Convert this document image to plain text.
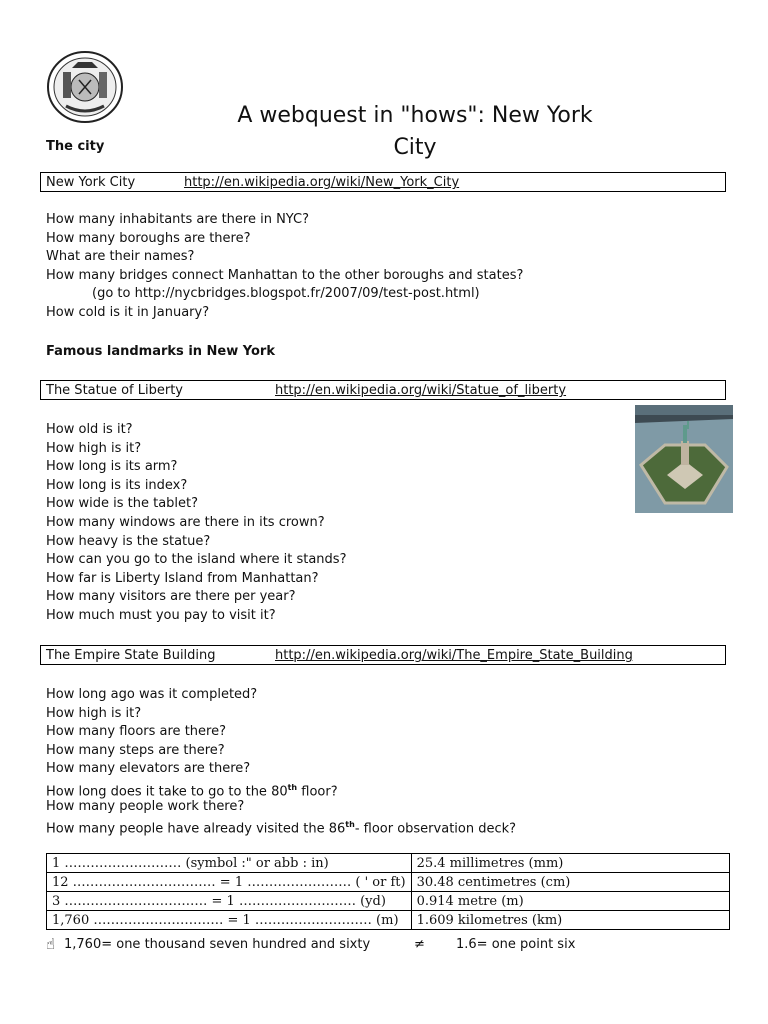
A webquest in "hows": New York City
The city
New York City	http://en.wikipedia.org/wiki/New_York_City
How many inhabitants are there in NYC?
How many boroughs are there?
What are their names?
How many bridges connect Manhattan to the other boroughs and states?
(go to http://nycbridges.blogspot.fr/2007/09/test-post.html)
How cold is it in January?
Famous landmarks in New York
The Statue of Liberty	http://en.wikipedia.org/wiki/Statue_of_liberty
How old is it?
How high is it?
How long is its arm?
How long is its index?
How wide is the tablet?
How many windows are there in its crown?
How heavy is the statue?
How can you go to the island where it stands?
How far is Liberty Island from Manhattan?
How many visitors are there per year?
How much must you pay to visit it?
The Empire State Building	http://en.wikipedia.org/wiki/The_Empire_State_Building
How long ago was it completed?
How high is it?
How many floors are there?
How many steps are there?
How many elevators are there?
How long does it take to go to the 80th floor?
How many people work there?
How many people have already visited the 86th- floor observation deck?
1 ……………………… (symbol :" or abb : in)	25.4 millimetres (mm)
12 …………………………… = 1 …………………… ( ' or ft)	30.48 centimetres (cm)
3 …………………………… = 1 ……………………… (yd)	0.914 metre (m)
1,760 ………………………… = 1 ……………………… (m)	1.609 kilometres (km)
☝ 1,760= one thousand seven hundred and sixty	≠ 1.6= one point six
